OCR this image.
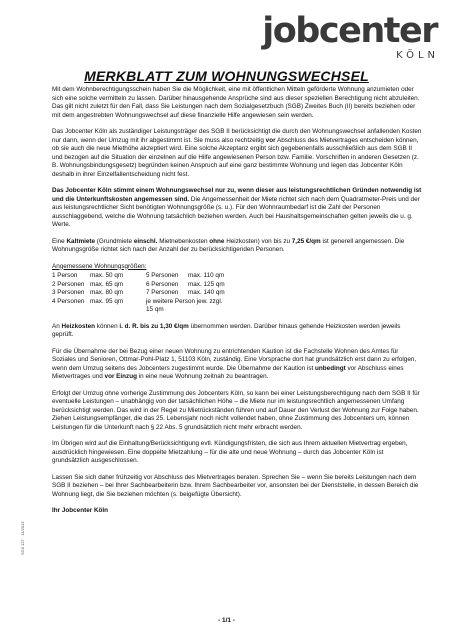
jobcenter
KÖLN
MERKBLATT ZUM WOHNUNGSWECHSEL

Mit dem Wohnberechtigungsschein haben Sie die Möglichkeit, eine mit öffentlichen Mitteln geförderte Wohnung anzumieten oder sich eine solche vermitteln zu lassen. Darüber hinausgehende Ansprüche sind aus dieser speziellen Berechtigung nicht abzuleiten. Das gilt nicht zuletzt für den Fall, dass Sie Leistungen nach dem Sozialgesetzbuch (SGB) Zweites Buch (II) bereits beziehen oder mit dem angestrebten Wohnungswechsel auf diese finanzielle Hilfe angewiesen sein werden.

Das Jobcenter Köln als zuständiger Leistungsträger des SGB II berücksichtigt die durch den Wohnungswechsel anfallenden Kosten nur dann, wenn der Umzug mit ihr abgestimmt ist. Sie muss also rechtzeitig vor Abschluss des Mietvertrages entscheiden können, ob sie auch die neue Miethöhe akzeptiert wird. Eine solche Akzeptanz ergibt sich gegebenenfalls ausschließlich aus dem SGB II und bezogen auf die Situation der einzelnen auf die Hilfe angewiesenen Person bzw. Familie. Vorschriften in anderen Gesetzen (z. B. Wohnungsbindungsgesetz) begründen keinen Anspruch auf eine ganz bestimmte Wohnung und legen das Jobcenter Köln deshalb in ihrer Einzelfallentscheidung nicht fest.

Das Jobcenter Köln stimmt einem Wohnungswechsel nur zu, wenn dieser aus leistungsrechtlichen Gründen notwendig ist und die Unterkunftskosten angemessen sind. Die Angemessenheit der Miete richtet sich nach dem Quadratmeter-Preis und der aus leistungsrechtlicher Sicht benötigten Wohnungsgröße (s. u.). Für den Wohnraumbedarf ist die Zahl der Personen ausschlaggebend, welche die Wohnung tatsächlich beziehen werden. Auch bei Haushaltsgemeinschaften gelten jeweils die u. g. Werte.

Eine Kaltmiete (Grundmiete einschl. Mietnebenkosten ohne Heizkosten) von bis zu 7,25 €/qm ist generell angemessen. Die Wohnungsgröße richtet sich nach der Anzahl der zu berücksichtigenden Personen.

Angemessene Wohnungsgrößen:

1 Person	max. 50 qm	5 Personen	max. 110 qm
2 Personen	max. 65 qm	6 Personen	max. 125 qm
3 Personen	max. 80 qm	7 Personen	max. 140 qm
4 Personen	max. 95 qm	je weitere Person jew. zzgl. 15 qm	

An Heizkosten können i. d. R. bis zu 1,30 €/qm übernommen werden. Darüber hinaus gehende Heizkosten werden jeweils geprüft.

Für die Übernahme der bei Bezug einer neuen Wohnung zu entrichtenden Kaution ist die Fachstelle Wohnen des Amtes für Soziales und Senioren, Ottmar-Pohl-Platz 1, 51103 Köln, zuständig. Eine Vorsprache dort hat grundsätzlich erst dann zu erfolgen, wenn dem Umzug seitens des Jobcenters zugestimmt wurde. Die Übernahme der Kaution ist unbedingt vor Abschluss eines Mietvertrages und vor Einzug in eine neue Wohnung zeitnah zu beantragen.

Erfolgt der Umzug ohne vorherige Zustimmung des Jobcenters Köln, so kann bei einer Leistungsberechtigung nach dem SGB II für eventuelle Leistungen – unabhängig von der tatsächlichen Höhe – die Miete nur im leistungsrechtlich angemessenen Umfang berücksichtigt werden. Das wird in der Regel zu Mietrückständen führen und auf Dauer den Verlust der Wohnung zur Folge haben. Ziehen Leistungsempfänger, die das 25. Lebensjahr noch nicht vollendet haben, ohne Zustimmung des Jobcenters um, können Leistungen für die Unterkunft nach § 22 Abs. 5 grundsätzlich nicht mehr erbracht werden.

Im Übrigen wird auf die Einhaltung/Berücksichtigung evtl. Kündigungsfristen, die sich aus Ihrem aktuellen Mietvertrag ergeben, ausdrücklich hingewiesen. Eine doppelte Mietzahlung – für die alte und neue Wohnung – durch das Jobcenter Köln ist grundsätzlich ausgeschlossen.

Lassen Sie sich daher frühzeitig vor Abschluss des Mietvertrages beraten. Sprechen Sie – wenn Sie bereits Leistungen nach dem SGB II beziehen – bei Ihrer Sachbearbeiterin bzw. Ihrem Sachbearbeiter vor, ansonsten bei der Dienststelle, in dessen Bereich die Wohnung liegt, die Sie beziehen möchten (s. beigefügte Übersicht).

Ihr Jobcenter Köln

SGII 127 · 11/2013
- 1/1 -
